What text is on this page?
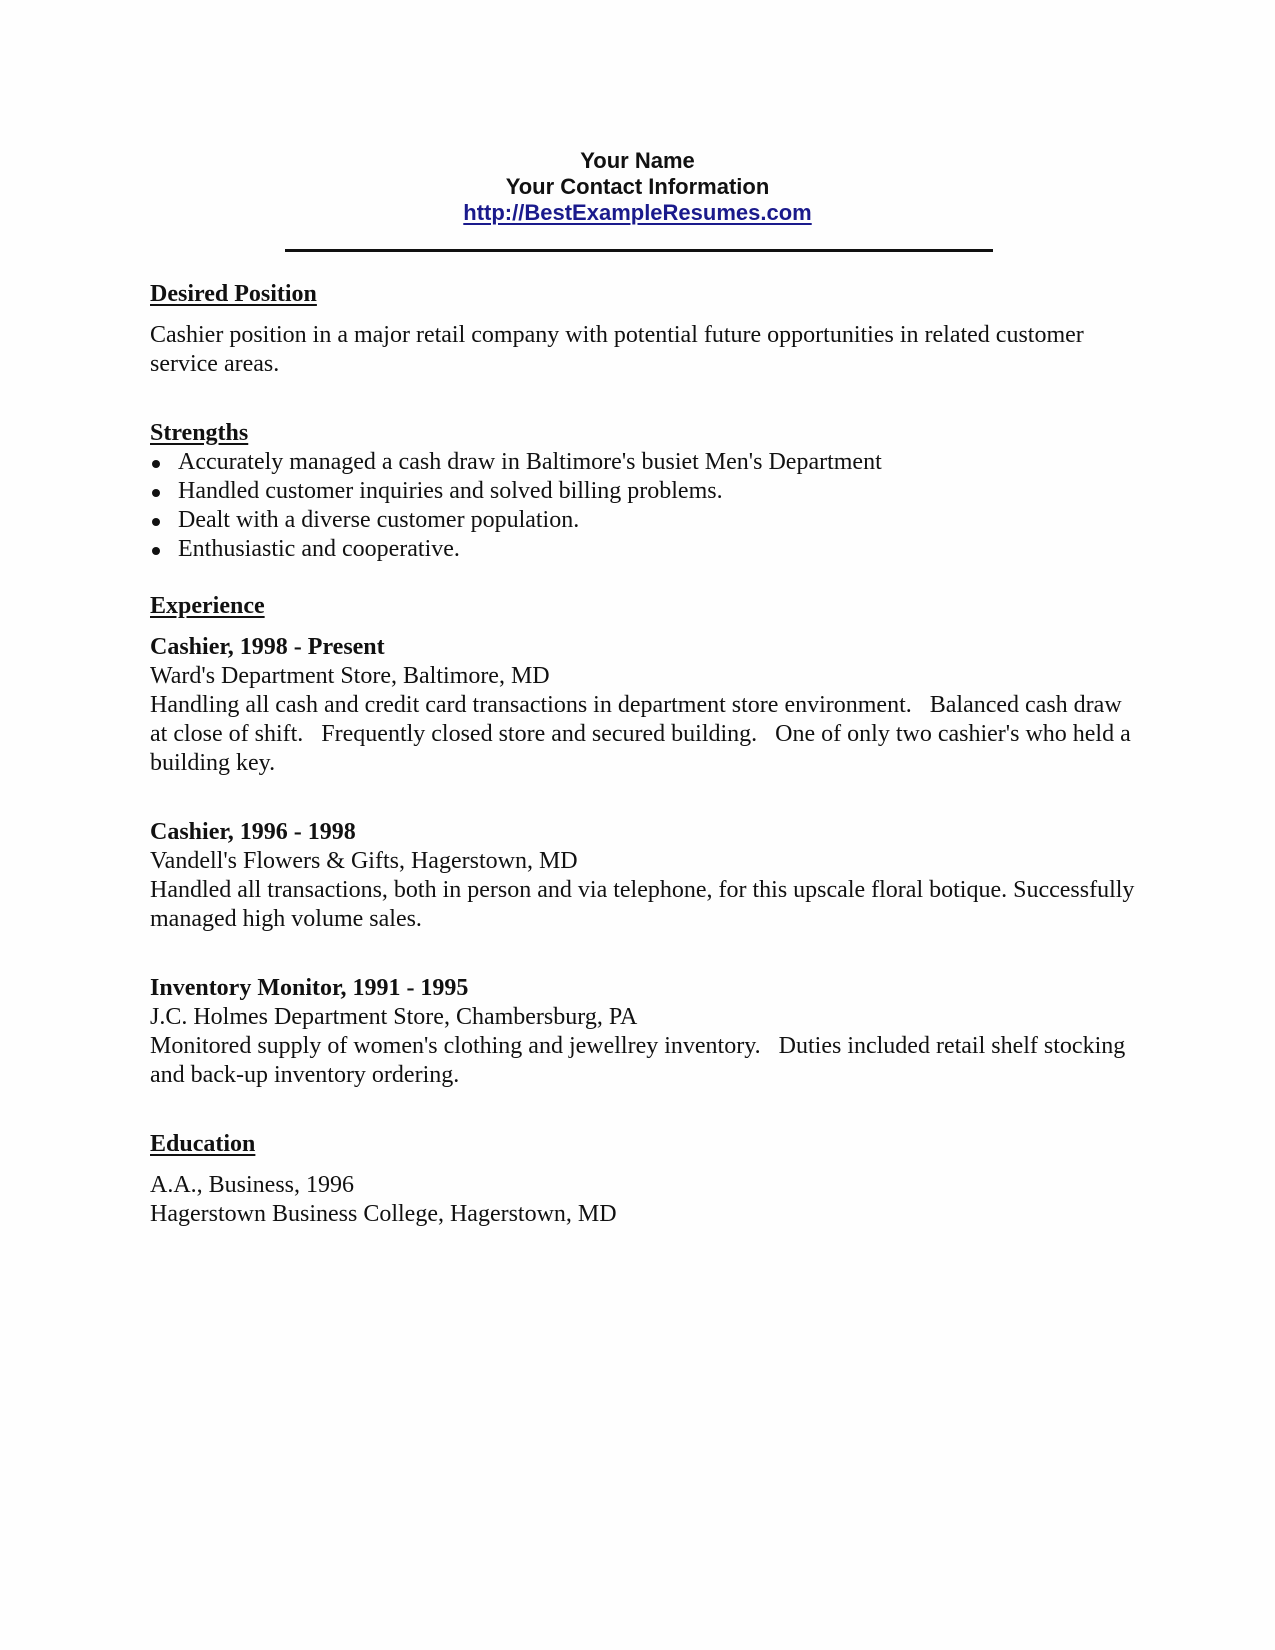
Your Name
Your Contact Information
http://BestExampleResumes.com
Desired Position

Cashier position in a major retail company with potential future opportunities in related customer service areas.

Strengths
Accurately managed a cash draw in Baltimore's busiet Men's Department
Handled customer inquiries and solved billing problems.
Dealt with a diverse customer population.
Enthusiastic and cooperative.
Experience

Cashier, 1998 - Present

Ward's Department Store, Baltimore, MD

Handling all cash and credit card transactions in department store environment.   Balanced cash draw at close of shift.   Frequently closed store and secured building.   One of only two cashier's who held a building key.

Cashier, 1996 - 1998

Vandell's Flowers & Gifts, Hagerstown, MD

Handled all transactions, both in person and via telephone, for this upscale floral botique. Successfully managed high volume sales.

Inventory Monitor, 1991 - 1995

J.C. Holmes Department Store, Chambersburg, PA

Monitored supply of women's clothing and jewellrey inventory.   Duties included retail shelf stocking and back-up inventory ordering.

Education

A.A., Business, 1996

Hagerstown Business College, Hagerstown, MD
